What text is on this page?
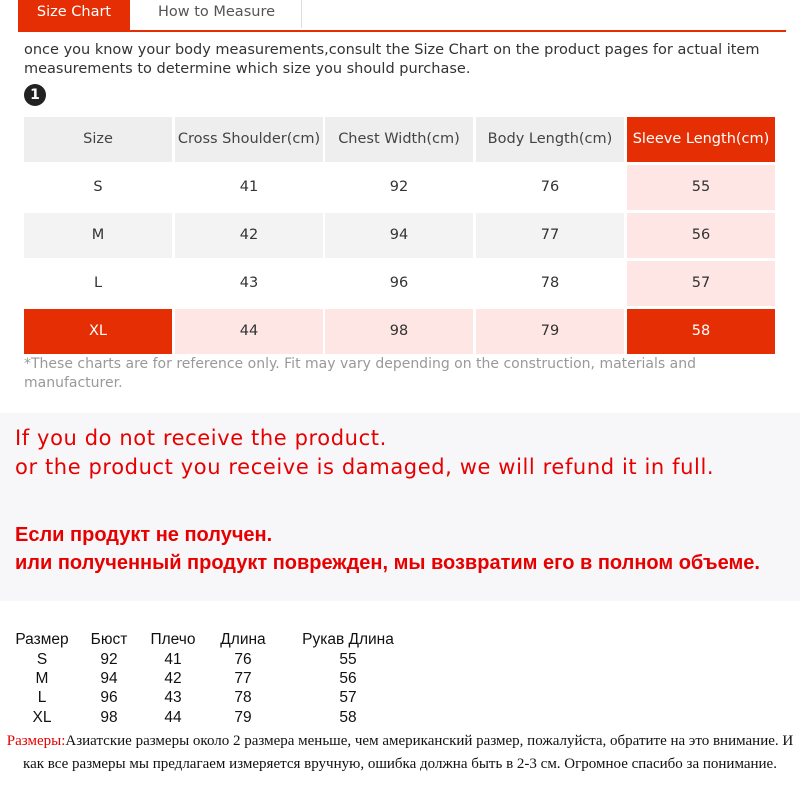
Size Chart	How to Measure
once you know your body measurements,consult the Size Chart on the product pages for actual item measurements to determine which size you should purchase.
1
Size	Cross Shoulder(cm)	Chest Width(cm)	Body Length(cm)	Sleeve Length(cm)
S	41	92	76	55
M	42	94	77	56
L	43	96	78	57
XL	44	98	79	58
*These charts are for reference only. Fit may vary depending on the construction, materials and manufacturer.
If you do not receive the product.
or the product you receive is damaged, we will refund it in full.
Если продукт не получен.
или полученный продукт поврежден, мы возвратим его в полном объеме.
Размер	Бюст	Плечо	Длина	Рукав Длина
S	92	41	76	55
M	94	42	77	56
L	96	43	78	57
XL	98	44	79	58
Размеры:Азиатские размеры около 2 размера меньше, чем американский размер, пожалуйста, обратите на это внимание. И как все размеры мы предлагаем измеряется вручную, ошибка должна быть в 2-3 см. Огромное спасибо за понимание.
